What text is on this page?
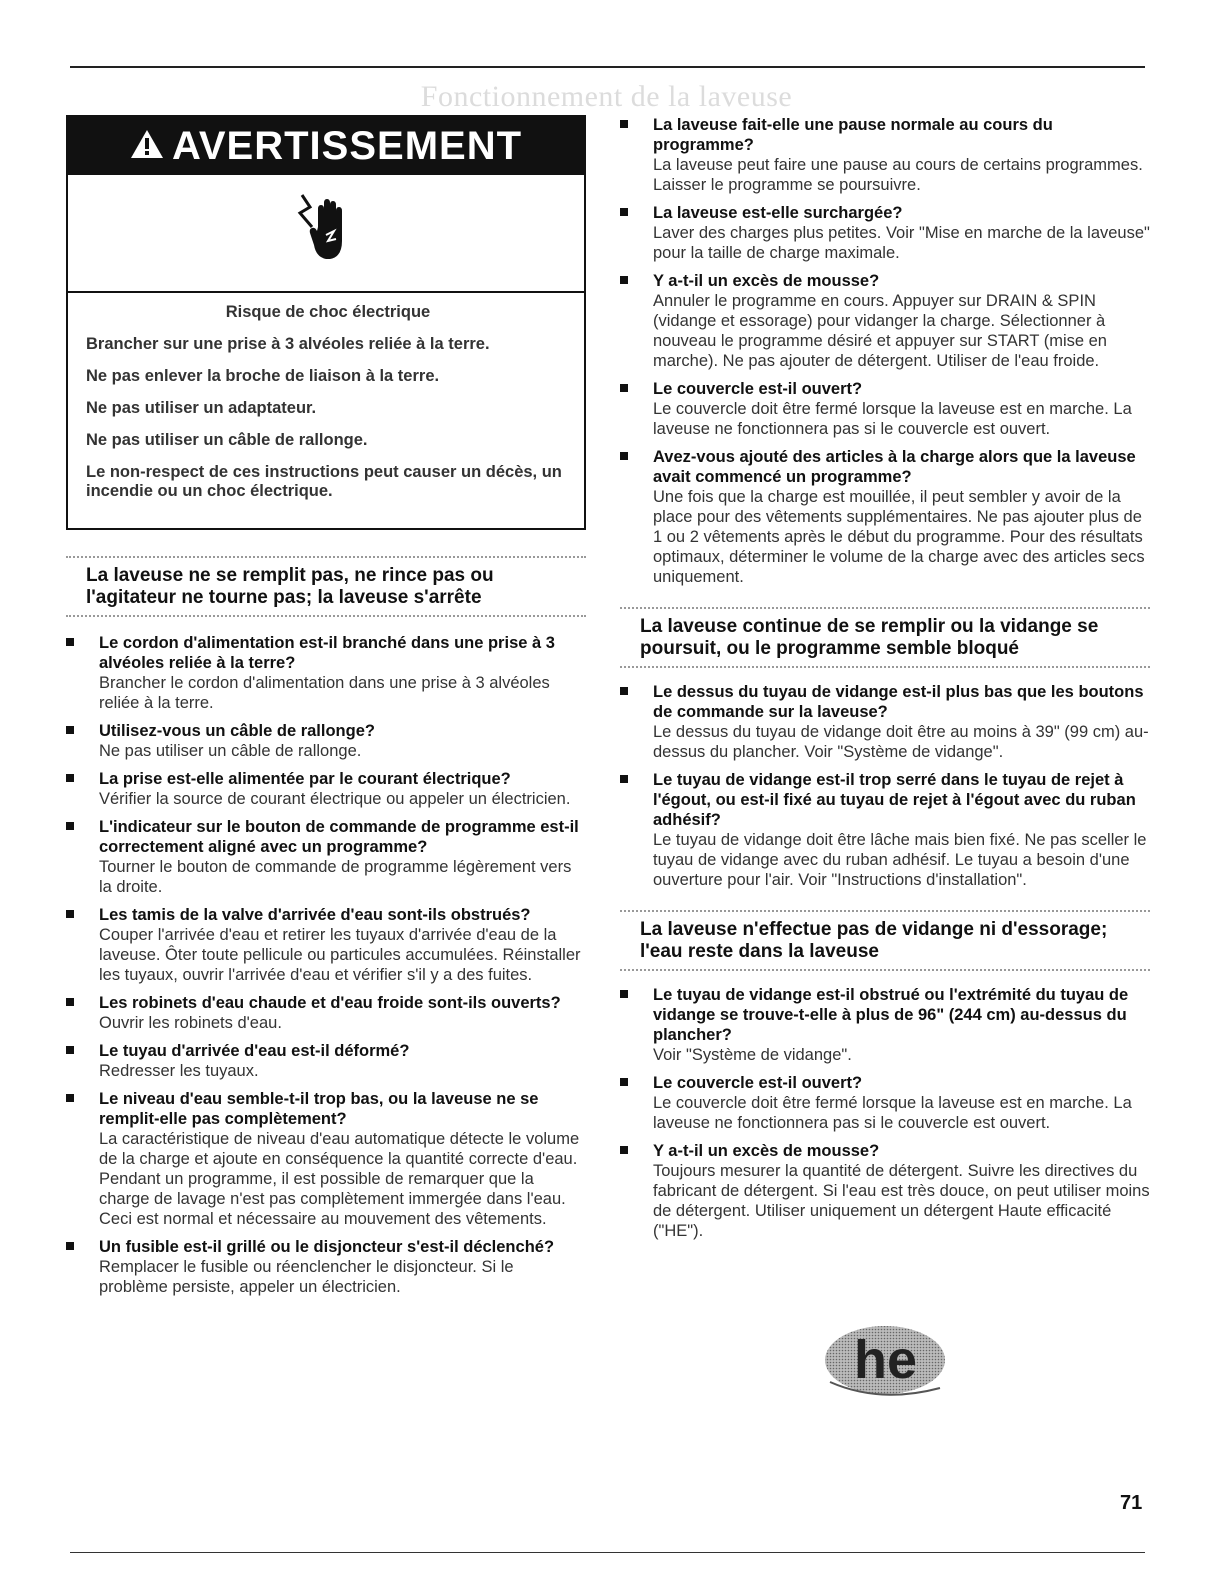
Fonctionnement de la laveuse
AVERTISSEMENT
Risque de choc électrique
Brancher sur une prise à 3 alvéoles reliée à la terre.
Ne pas enlever la broche de liaison à la terre.
Ne pas utiliser un adaptateur.
Ne pas utiliser un câble de rallonge.
Le non-respect de ces instructions peut causer un décès, un incendie ou un choc électrique.
La laveuse ne se remplit pas, ne rince pas ou l'agitateur ne tourne pas; la laveuse s'arrête
Le cordon d'alimentation est-il branché dans une prise à 3 alvéoles reliée à la terre?
Brancher le cordon d'alimentation dans une prise à 3 alvéoles reliée à la terre.
Utilisez-vous un câble de rallonge?
Ne pas utiliser un câble de rallonge.
La prise est-elle alimentée par le courant électrique?
Vérifier la source de courant électrique ou appeler un électricien.
L'indicateur sur le bouton de commande de programme est-il correctement aligné avec un programme?
Tourner le bouton de commande de programme légèrement vers la droite.
Les tamis de la valve d'arrivée d'eau sont-ils obstrués?
Couper l'arrivée d'eau et retirer les tuyaux d'arrivée d'eau de la laveuse. Ôter toute pellicule ou particules accumulées. Réinstaller les tuyaux, ouvrir l'arrivée d'eau et vérifier s'il y a des fuites.
Les robinets d'eau chaude et d'eau froide sont-ils ouverts?
Ouvrir les robinets d'eau.
Le tuyau d'arrivée d'eau est-il déformé?
Redresser les tuyaux.
Le niveau d'eau semble-t-il trop bas, ou la laveuse ne se remplit-elle pas complètement?
La caractéristique de niveau d'eau automatique détecte le volume de la charge et ajoute en conséquence la quantité correcte d'eau. Pendant un programme, il est possible de remarquer que la charge de lavage n'est pas complètement immergée dans l'eau. Ceci est normal et nécessaire au mouvement des vêtements.
Un fusible est-il grillé ou le disjoncteur s'est-il déclenché?
Remplacer le fusible ou réenclencher le disjoncteur. Si le problème persiste, appeler un électricien.
La laveuse fait-elle une pause normale au cours du programme?
La laveuse peut faire une pause au cours de certains programmes. Laisser le programme se poursuivre.
La laveuse est-elle surchargée?
Laver des charges plus petites. Voir "Mise en marche de la laveuse" pour la taille de charge maximale.
Y a-t-il un excès de mousse?
Annuler le programme en cours. Appuyer sur DRAIN & SPIN (vidange et essorage) pour vidanger la charge. Sélectionner à nouveau le programme désiré et appuyer sur START (mise en marche). Ne pas ajouter de détergent. Utiliser de l'eau froide.
Le couvercle est-il ouvert?
Le couvercle doit être fermé lorsque la laveuse est en marche. La laveuse ne fonctionnera pas si le couvercle est ouvert.
Avez-vous ajouté des articles à la charge alors que la laveuse avait commencé un programme?
Une fois que la charge est mouillée, il peut sembler y avoir de la place pour des vêtements supplémentaires. Ne pas ajouter plus de 1 ou 2 vêtements après le début du programme. Pour des résultats optimaux, déterminer le volume de la charge avec des articles secs uniquement.
La laveuse continue de se remplir ou la vidange se poursuit, ou le programme semble bloqué
Le dessus du tuyau de vidange est-il plus bas que les boutons de commande sur la laveuse?
Le dessus du tuyau de vidange doit être au moins à 39" (99 cm) au-dessus du plancher. Voir "Système de vidange".
Le tuyau de vidange est-il trop serré dans le tuyau de rejet à l'égout, ou est-il fixé au tuyau de rejet à l'égout avec du ruban adhésif?
Le tuyau de vidange doit être lâche mais bien fixé. Ne pas sceller le tuyau de vidange avec du ruban adhésif. Le tuyau a besoin d'une ouverture pour l'air. Voir "Instructions d'installation".
La laveuse n'effectue pas de vidange ni d'essorage; l'eau reste dans la laveuse
Le tuyau de vidange est-il obstrué ou l'extrémité du tuyau de vidange se trouve-t-elle à plus de 96" (244 cm) au-dessus du plancher?
Voir "Système de vidange".
Le couvercle est-il ouvert?
Le couvercle doit être fermé lorsque la laveuse est en marche. La laveuse ne fonctionnera pas si le couvercle est ouvert.
Y a-t-il un excès de mousse?
Toujours mesurer la quantité de détergent. Suivre les directives du fabricant de détergent. Si l'eau est très douce, on peut utiliser moins de détergent. Utiliser uniquement un détergent Haute efficacité ("HE").
he
71
